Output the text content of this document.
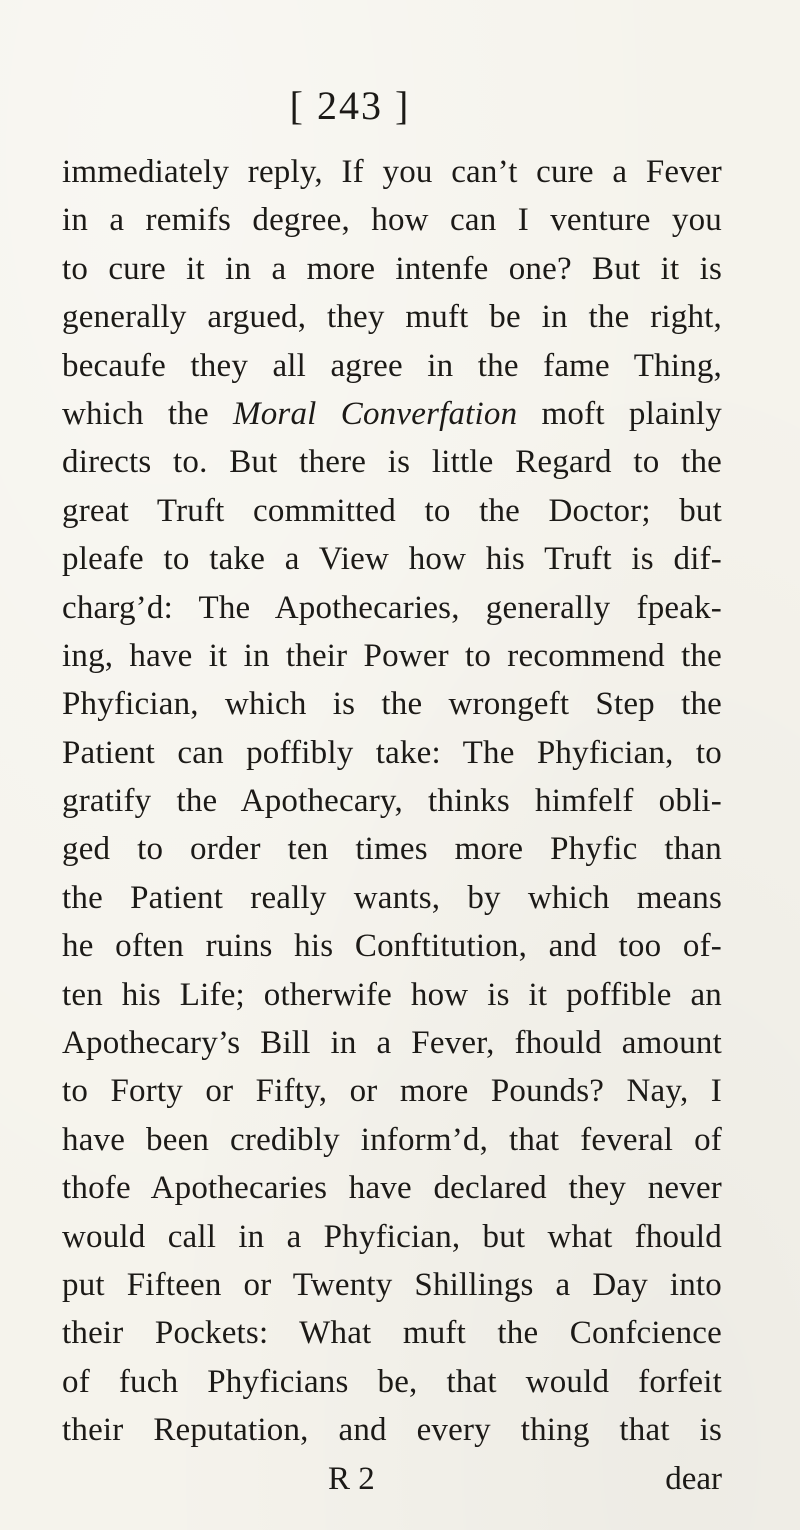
[ 243 ]
immediately reply, If you can’t cure a Fever
in a remifs degree, how can I venture you
to cure it in a more intenfe one? But it is
generally argued, they muft be in the right,
becaufe they all agree in the fame Thing,
which the Moral Converfation moft plainly
directs to. But there is little Regard to the
great Truft committed to the Doctor; but
pleafe to take a View how his Truft is dif-
charg’d: The Apothecaries, generally fpeak-
ing, have it in their Power to recommend the
Phyfician, which is the wrongeft Step the
Patient can poffibly take: The Phyfician, to
gratify the Apothecary, thinks himfelf obli-
ged to order ten times more Phyfic than
the Patient really wants, by which means
he often ruins his Conftitution, and too of-
ten his Life; otherwife how is it poffible an
Apothecary’s Bill in a Fever, fhould amount
to Forty or Fifty, or more Pounds? Nay, I
have been credibly inform’d, that feveral of
thofe Apothecaries have declared they never
would call in a Phyfician, but what fhould
put Fifteen or Twenty Shillings a Day into
their Pockets: What muft the Confcience
of fuch Phyficians be, that would forfeit
their Reputation, and every thing that is
R 2	dear
